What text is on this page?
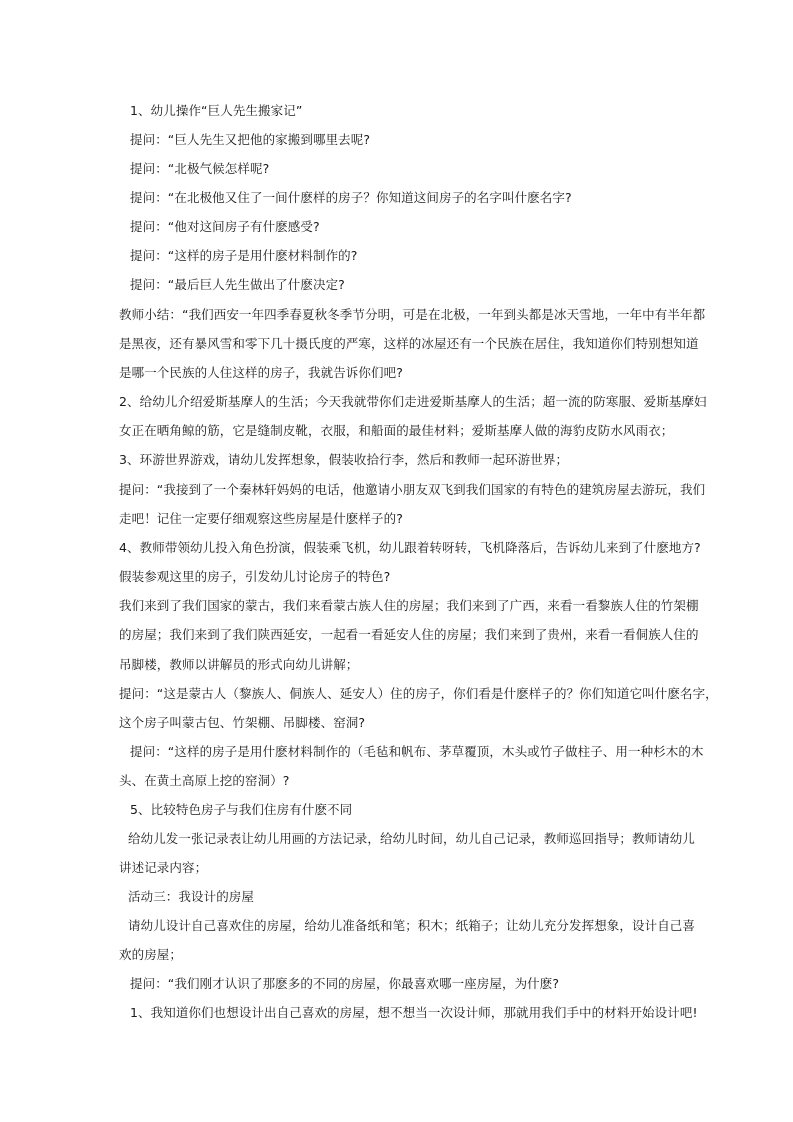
1、幼儿操作“巨人先生搬家记”
提问：“巨人先生又把他的家搬到哪里去呢?
提问：“北极气候怎样呢?
提问：“在北极他又住了一间什麽样的房子？你知道这间房子的名字叫什麽名字?
提问：“他对这间房子有什麽感受?
提问：“这样的房子是用什麽材料制作的?
提问：“最后巨人先生做出了什麽决定?
教师小结：“我们西安一年四季春夏秋冬季节分明，可是在北极，一年到头都是冰天雪地，一年中有半年都
是黑夜，还有暴风雪和零下几十摄氏度的严寒，这样的冰屋还有一个民族在居住，我知道你们特别想知道
是哪一个民族的人住这样的房子，我就告诉你们吧?
2、给幼儿介绍爱斯基摩人的生活；今天我就带你们走进爱斯基摩人的生活；超一流的防寒服、爱斯基摩妇
女正在晒角鲸的筋，它是缝制皮靴，衣服，和船面的最佳材料；爱斯基摩人做的海豹皮防水风雨衣；
3、环游世界游戏，请幼儿发挥想象，假装收拾行李，然后和教师一起环游世界；
提问：“我接到了一个秦林轩妈妈的电话，他邀请小朋友双飞到我们国家的有特色的建筑房屋去游玩，我们
走吧！记住一定要仔细观察这些房屋是什麽样子的?
4、教师带领幼儿投入角色扮演，假装乘飞机，幼儿跟着转呀转，飞机降落后，告诉幼儿来到了什麽地方?
假装参观这里的房子，引发幼儿讨论房子的特色?
我们来到了我们国家的蒙古，我们来看蒙古族人住的房屋；我们来到了广西，来看一看黎族人住的竹架棚
的房屋；我们来到了我们陕西延安，一起看一看延安人住的房屋；我们来到了贵州，来看一看侗族人住的
吊脚楼，教师以讲解员的形式向幼儿讲解；
提问：“这是蒙古人（黎族人、侗族人、延安人）住的房子，你们看是什麽样子的？你们知道它叫什麽名字，
这个房子叫蒙古包、竹架棚、吊脚楼、窑洞?
提问：“这样的房子是用什麽材料制作的（毛毡和帆布、茅草覆顶，木头或竹子做柱子、用一种杉木的木
头、在黄土高原上挖的窑洞）?
5、比较特色房子与我们住房有什麽不同
给幼儿发一张记录表让幼儿用画的方法记录，给幼儿时间，幼儿自己记录，教师巡回指导；教师请幼儿
讲述记录内容；
活动三：我设计的房屋
请幼儿设计自己喜欢住的房屋，给幼儿准备纸和笔；积木；纸箱子；让幼儿充分发挥想象，设计自己喜
欢的房屋；
提问：“我们刚才认识了那麽多的不同的房屋，你最喜欢哪一座房屋，为什麽?
1、我知道你们也想设计出自己喜欢的房屋，想不想当一次设计师，那就用我们手中的材料开始设计吧!
